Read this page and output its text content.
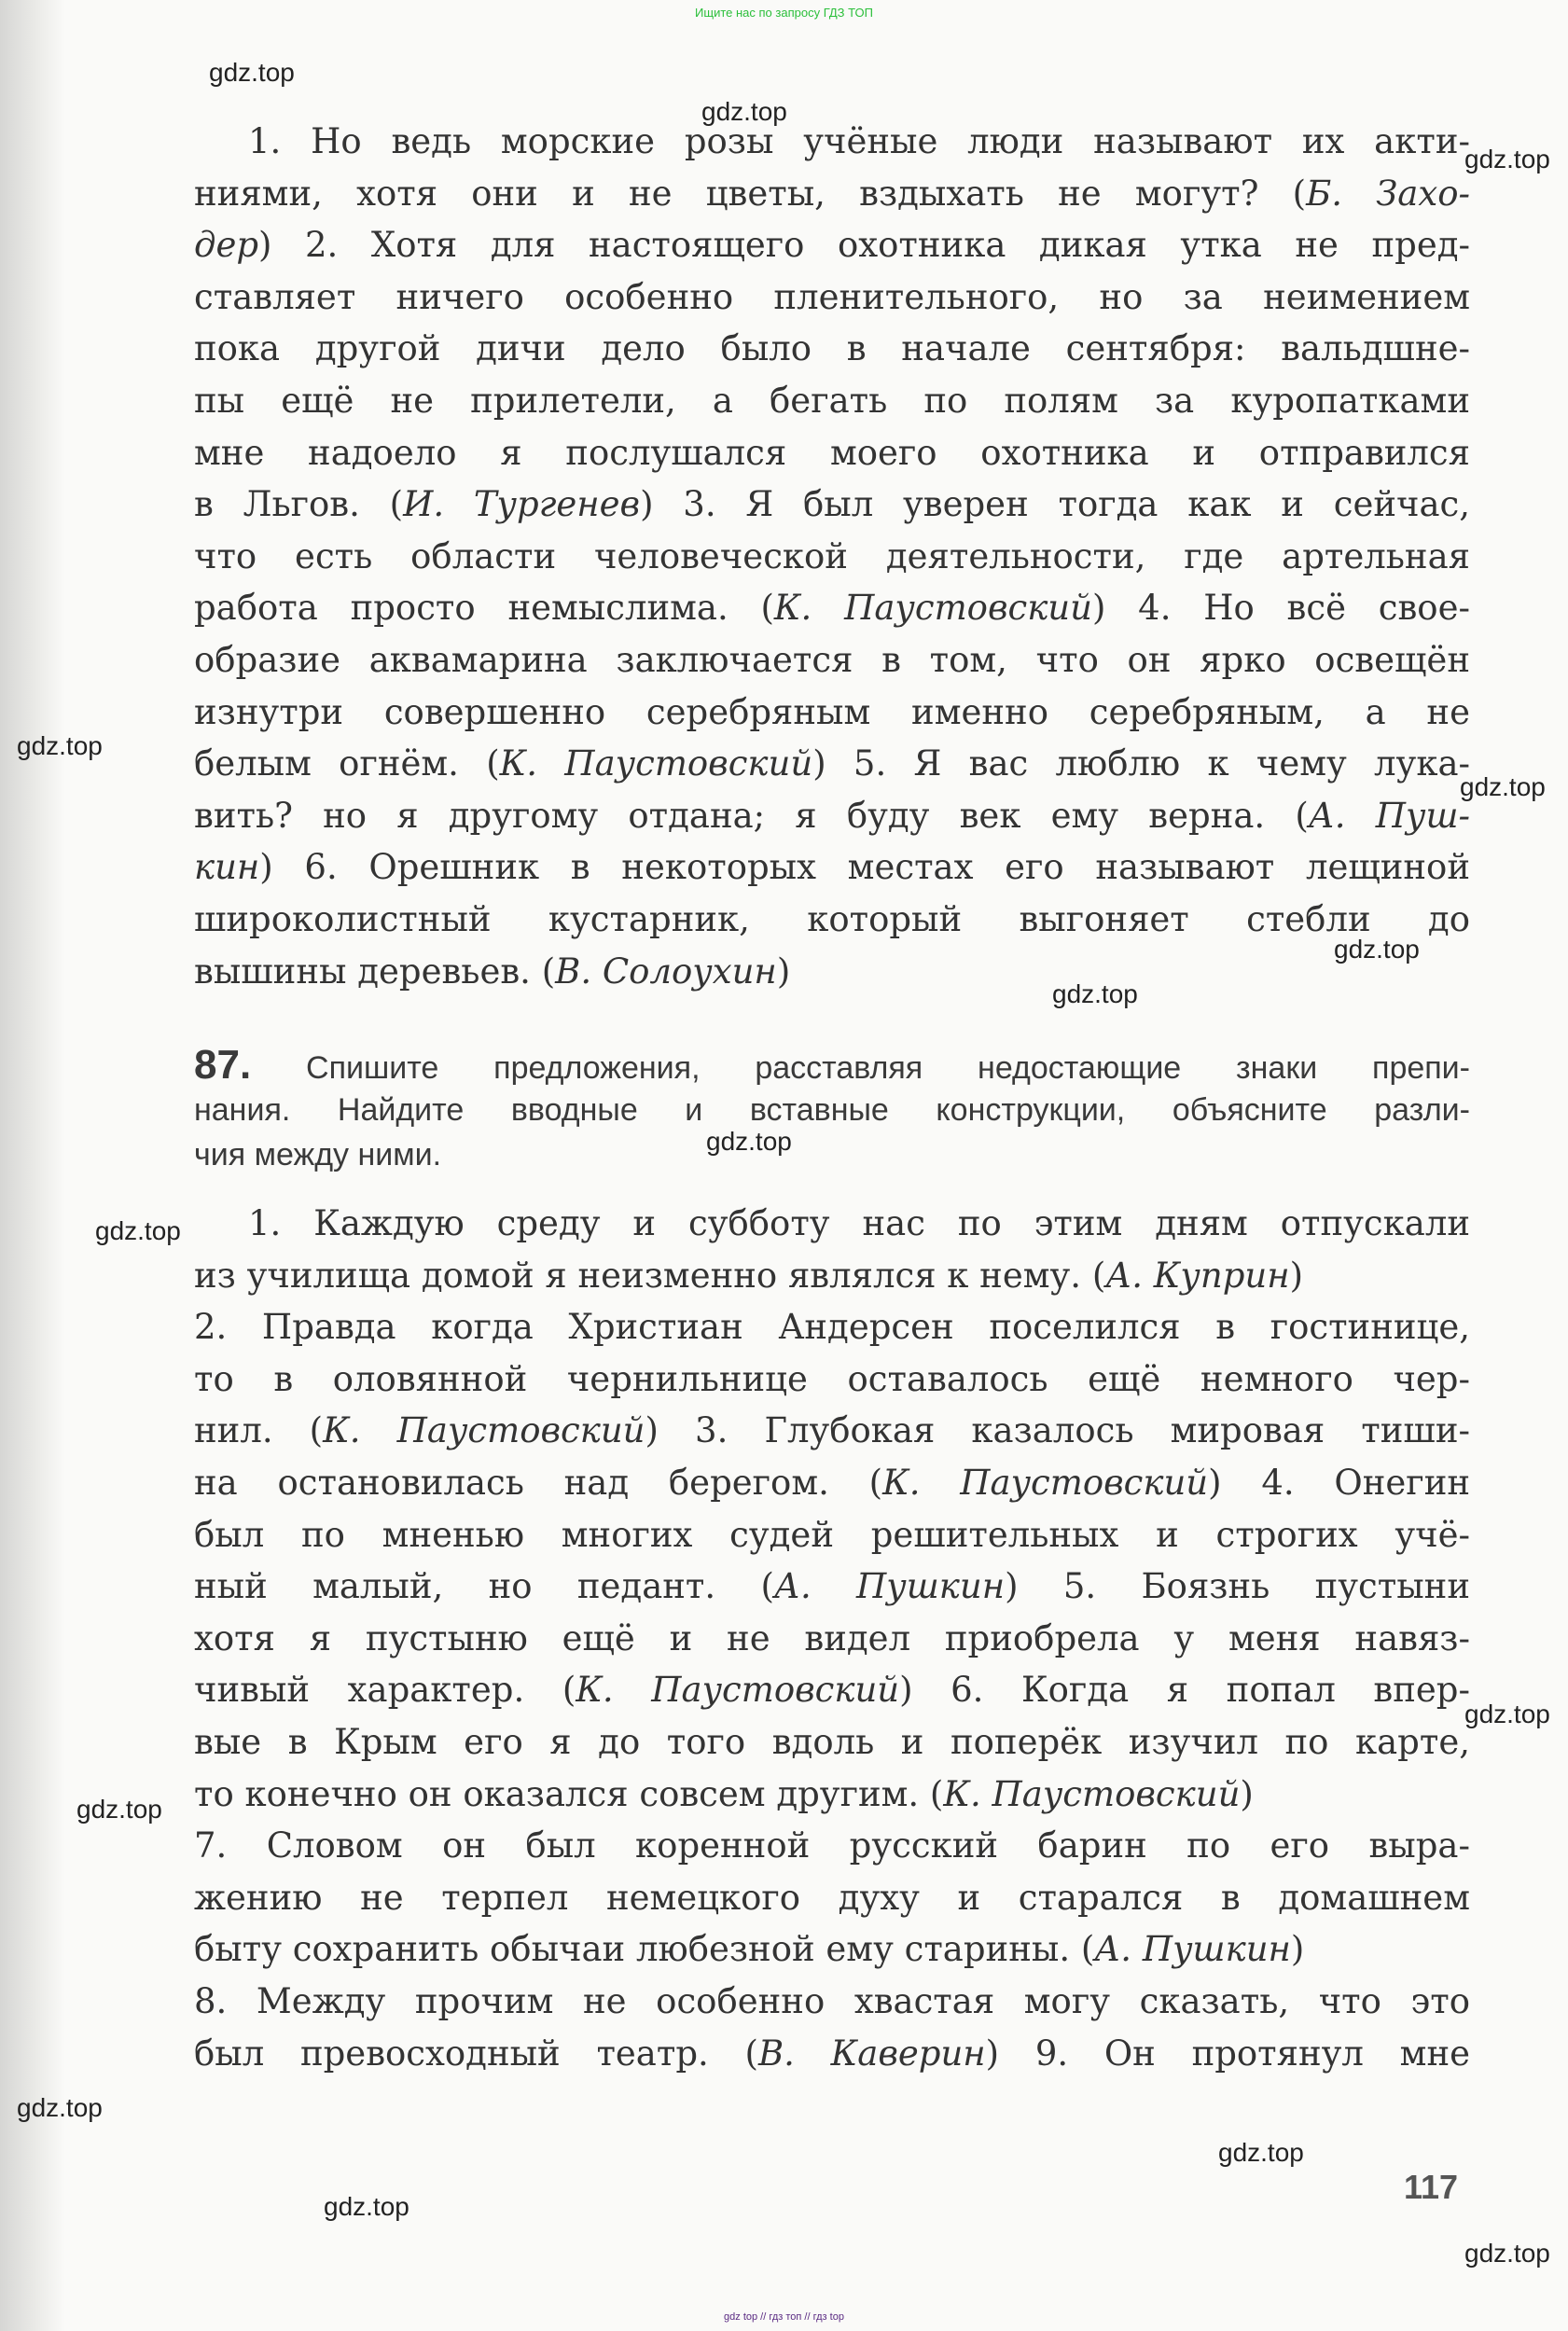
Ищите нас по запросу ГДЗ ТОП
1. Но ведь морские розы учёные люди называют их акти-
ниями, хотя они и не цветы, вздыхать не могут? (Б. Захо-
дер) 2. Хотя для настоящего охотника дикая утка не пред-
ставляет ничего особенно пленительного, но за неимением
пока другой дичи дело было в начале сентября: вальдшне-
пы ещё не прилетели, а бегать по полям за куропатками
мне надоело я послушался моего охотника и отправился
в Льгов. (И. Тургенев) 3. Я был уверен тогда как и сейчас,
что есть области человеческой деятельности, где артельная
работа просто немыслима. (К. Паустовский) 4. Но всё свое-
образие аквамарина заключается в том, что он ярко освещён
изнутри совершенно серебряным именно серебряным, а не
белым огнём. (К. Паустовский) 5. Я вас люблю к чему лука-
вить? но я другому отдана; я буду век ему верна. (А. Пуш-
кин) 6. Орешник в некоторых местах его называют лещиной
широколистный кустарник, который выгоняет стебли до
вышины деревьев. (В. Солоухин)
87. Спишите предложения, расставляя недостающие знаки препи-
нания. Найдите вводные и вставные конструкции, объясните разли-
чия между ними.
1. Каждую среду и субботу нас по этим дням отпускали
из училища домой я неизменно являлся к нему. (А. Куприн)
2. Правда когда Христиан Андерсен поселился в гостинице,
то в оловянной чернильнице оставалось ещё немного чер-
нил. (К. Паустовский) 3. Глубокая казалось мировая тиши-
на остановилась над берегом. (К. Паустовский) 4. Онегин
был по мненью многих судей решительных и строгих учё-
ный малый, но педант. (А. Пушкин) 5. Боязнь пустыни
хотя я пустыню ещё и не видел приобрела у меня навяз-
чивый характер. (К. Паустовский) 6. Когда я попал впер-
вые в Крым его я до того вдоль и поперёк изучил по карте,
то конечно он оказался совсем другим. (К. Паустовский)
7. Словом он был коренной русский барин по его выра-
жению не терпел немецкого духу и старался в домашнем
быту сохранить обычаи любезной ему старины. (А. Пушкин)
8. Между прочим не особенно хвастая могу сказать, что это
был превосходный театр. (В. Каверин) 9. Он протянул мне
117
gdz.top
gdz.top
gdz.top
gdz.top
gdz.top
gdz.top
gdz.top
gdz.top
gdz.top
gdz.top
gdz.top
gdz.top
gdz.top
gdz.top
gdz.top
gdz top // гдз топ // гдз top
